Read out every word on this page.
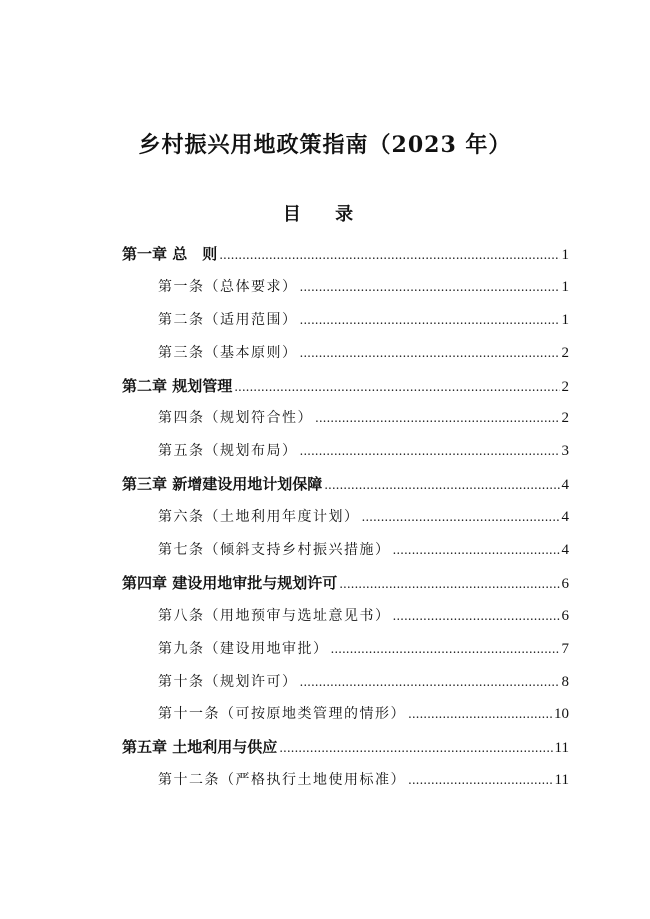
乡村振兴用地政策指南（2023 年）
目 录
第一章 总　则 .....	1
第一条（总体要求） .....	1
第二条（适用范围） .....	1
第三条（基本原则） .....	2
第二章 规划管理 .....	2
第四条（规划符合性） .....	2
第五条（规划布局） .....	3
第三章 新增建设用地计划保障 .....	4
第六条（土地利用年度计划） .....	4
第七条（倾斜支持乡村振兴措施） .....	4
第四章 建设用地审批与规划许可 .....	6
第八条（用地预审与选址意见书） .....	6
第九条（建设用地审批） .....	7
第十条（规划许可） .....	8
第十一条（可按原地类管理的情形） .....	10
第五章 土地利用与供应 .....	11
第十二条（严格执行土地使用标准） .....	11
